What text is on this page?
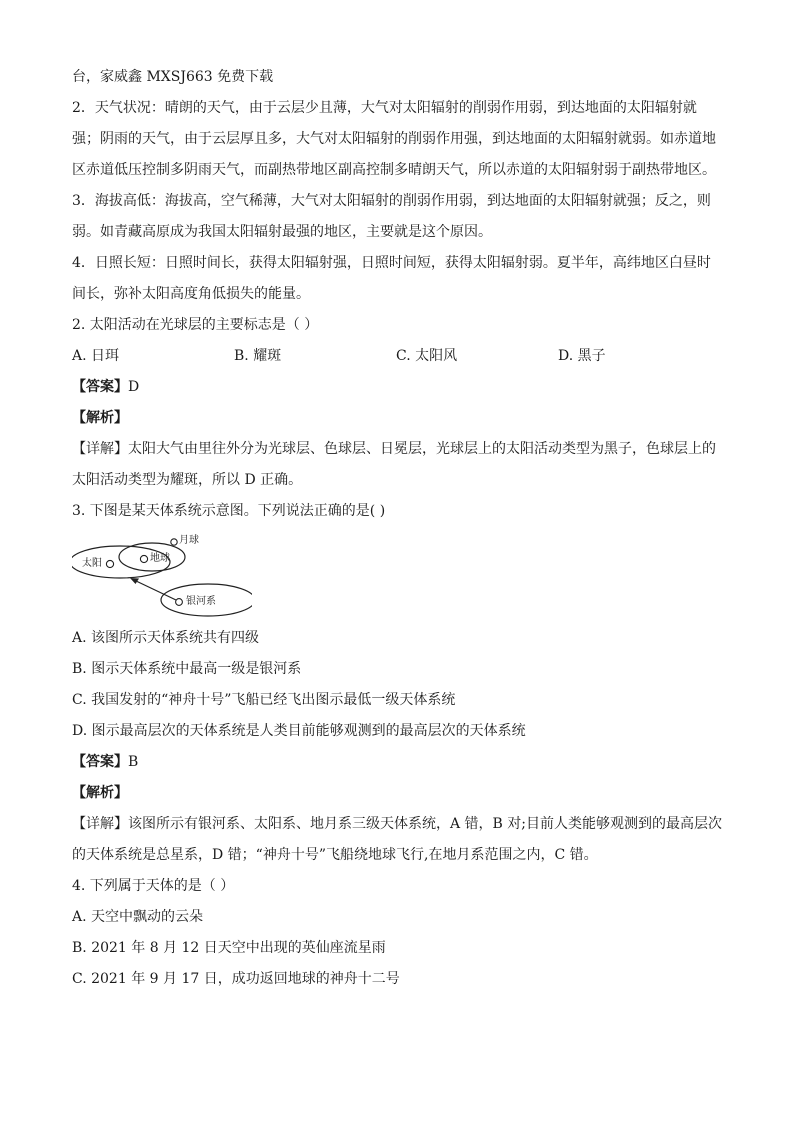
台，家威鑫 MXSJ663 免费下载

2．天气状况：晴朗的天气，由于云层少且薄，大气对太阳辐射的削弱作用弱，到达地面的太阳辐射就

强；阴雨的天气，由于云层厚且多，大气对太阳辐射的削弱作用强，到达地面的太阳辐射就弱。如赤道地

区赤道低压控制多阴雨天气，而副热带地区副高控制多晴朗天气，所以赤道的太阳辐射弱于副热带地区。

3．海拔高低：海拔高，空气稀薄，大气对太阳辐射的削弱作用弱，到达地面的太阳辐射就强；反之，则

弱。如青藏高原成为我国太阳辐射最强的地区，主要就是这个原因。

4．日照长短：日照时间长，获得太阳辐射强，日照时间短，获得太阳辐射弱。夏半年，高纬地区白昼时

间长，弥补太阳高度角低损失的能量。

2. 太阳活动在光球层的主要标志是（ ）

A. 日珥	B. 耀斑	C. 太阳风	D. 黑子

【答案】D

【解析】

【详解】太阳大气由里往外分为光球层、色球层、日冕层，光球层上的太阳活动类型为黑子，色球层上的

太阳活动类型为耀斑，所以 D 正确。

3. 下图是某天体系统示意图。下列说法正确的是( )

太阳	地球
月球
银河系

A. 该图所示天体系统共有四级

B. 图示天体系统中最高一级是银河系

C. 我国发射的“神舟十号”飞船已经飞出图示最低一级天体系统

D. 图示最高层次的天体系统是人类目前能够观测到的最高层次的天体系统

【答案】B

【解析】

【详解】该图所示有银河系、太阳系、地月系三级天体系统，A 错，B 对;目前人类能够观测到的最高层次

的天体系统是总星系，D 错；“神舟十号”飞船绕地球飞行,在地月系范围之内，C 错。

4. 下列属于天体的是（ ）

A. 天空中飘动的云朵

B. 2021 年 8 月 12 日天空中出现的英仙座流星雨

C. 2021 年 9 月 17 日，成功返回地球的神舟十二号
